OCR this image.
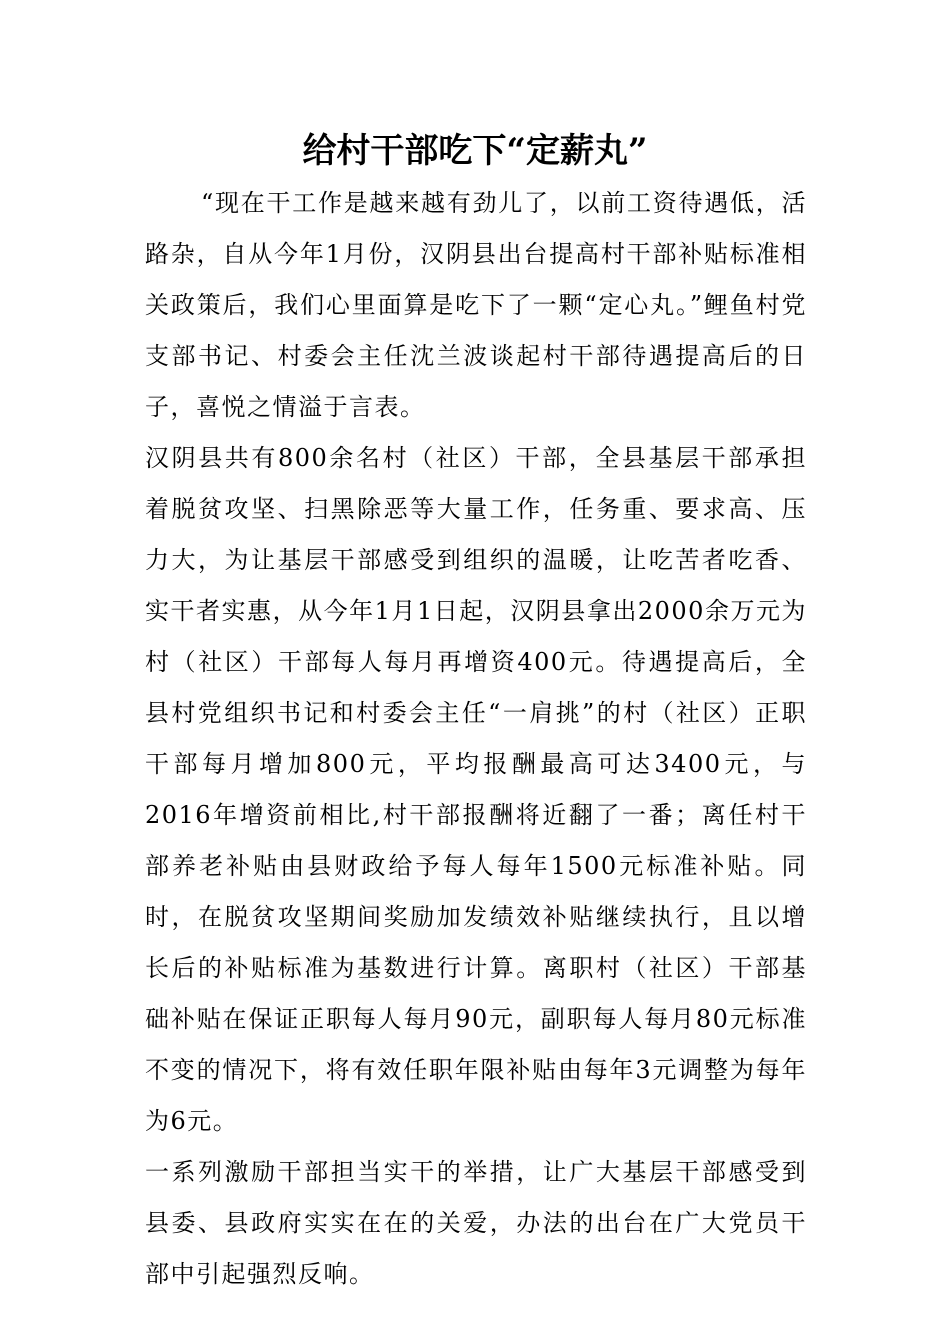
给村干部吃下“定薪丸”

“现在干工作是越来越有劲儿了，以前工资待遇低，活路杂，自从今年1月份，汉阴县出台提高村干部补贴标准相关政策后，我们心里面算是吃下了一颗“定心丸。”鲤鱼村党支部书记、村委会主任沈兰波谈起村干部待遇提高后的日子，喜悦之情溢于言表。

汉阴县共有800余名村（社区）干部，全县基层干部承担着脱贫攻坚、扫黑除恶等大量工作，任务重、要求高、压力大，为让基层干部感受到组织的温暖，让吃苦者吃香、实干者实惠，从今年1月1日起，汉阴县拿出2000余万元为村（社区）干部每人每月再增资400元。待遇提高后，全县村党组织书记和村委会主任“一肩挑”的村（社区）正职干部每月增加800元，平均报酬最高可达3400元，与2016年增资前相比,村干部报酬将近翻了一番；离任村干部养老补贴由县财政给予每人每年1500元标准补贴。同时，在脱贫攻坚期间奖励加发绩效补贴继续执行，且以增长后的补贴标准为基数进行计算。离职村（社区）干部基础补贴在保证正职每人每月90元，副职每人每月80元标准不变的情况下，将有效任职年限补贴由每年3元调整为每年为6元。

一系列激励干部担当实干的举措，让广大基层干部感受到县委、县政府实实在在的关爱，办法的出台在广大党员干部中引起强烈反响。
